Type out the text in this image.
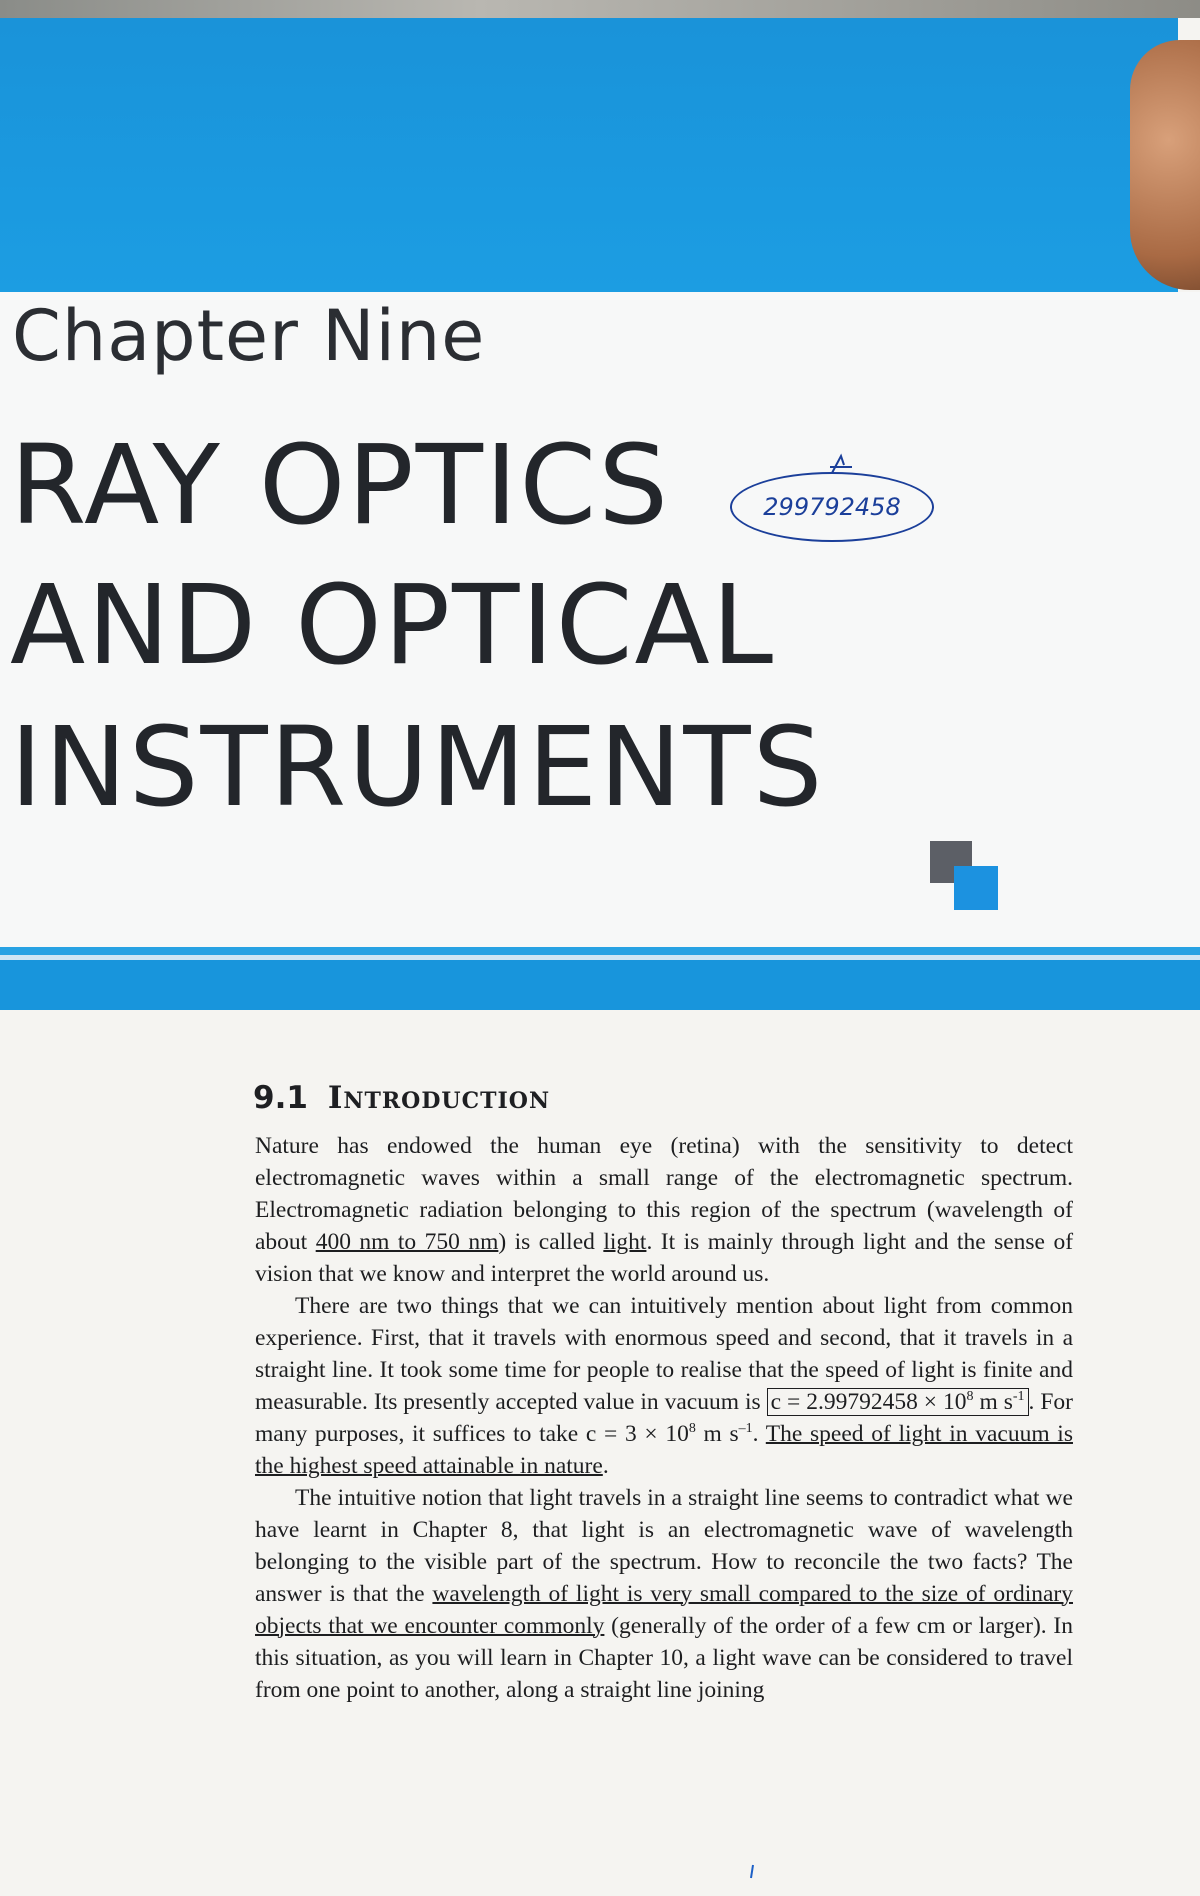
Chapter Nine
RAY OPTICS
AND OPTICAL
INSTRUMENTS
299792458
9.1 Introduction

Nature has endowed the human eye (retina) with the sensitivity to detect electromagnetic waves within a small range of the electromagnetic spectrum. Electromagnetic radiation belonging to this region of the spectrum (wavelength of about 400 nm to 750 nm) is called light. It is mainly through light and the sense of vision that we know and interpret the world around us.

There are two things that we can intuitively mention about light from common experience. First, that it travels with enormous speed and second, that it travels in a straight line. It took some time for people to realise that the speed of light is finite and measurable. Its presently accepted value in vacuum is $c = 2.99792458 \times 10^8$ m $s^{-1}$ . For many purposes, it suffices to take $c = 3 \times 10^8$ m $s^{-1}$. The speed of light in vacuum is the highest speed attainable in nature.

The intuitive notion that light travels in a straight line seems to contradict what we have learnt in Chapter 8, that light is an electromagnetic wave of wavelength belonging to the visible part of the spectrum. How to reconcile the two facts? The answer is that the wavelength of light is very small compared to the size of ordinary objects that we encounter commonly (generally of the order of a few cm or larger). In this situation, as you will learn in Chapter 10, a light wave can be considered to travel from one point to another, along a straight line joining
